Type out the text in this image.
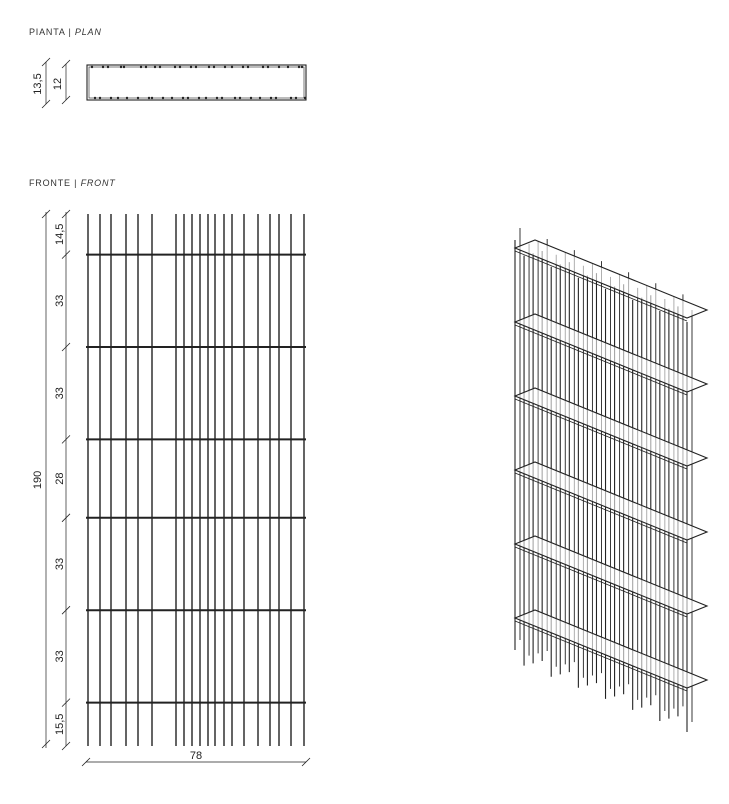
PIANTA | PLAN
FRONTE | FRONT
13,5 12
190
14,5
33
33
28
33
33
15,5
78
